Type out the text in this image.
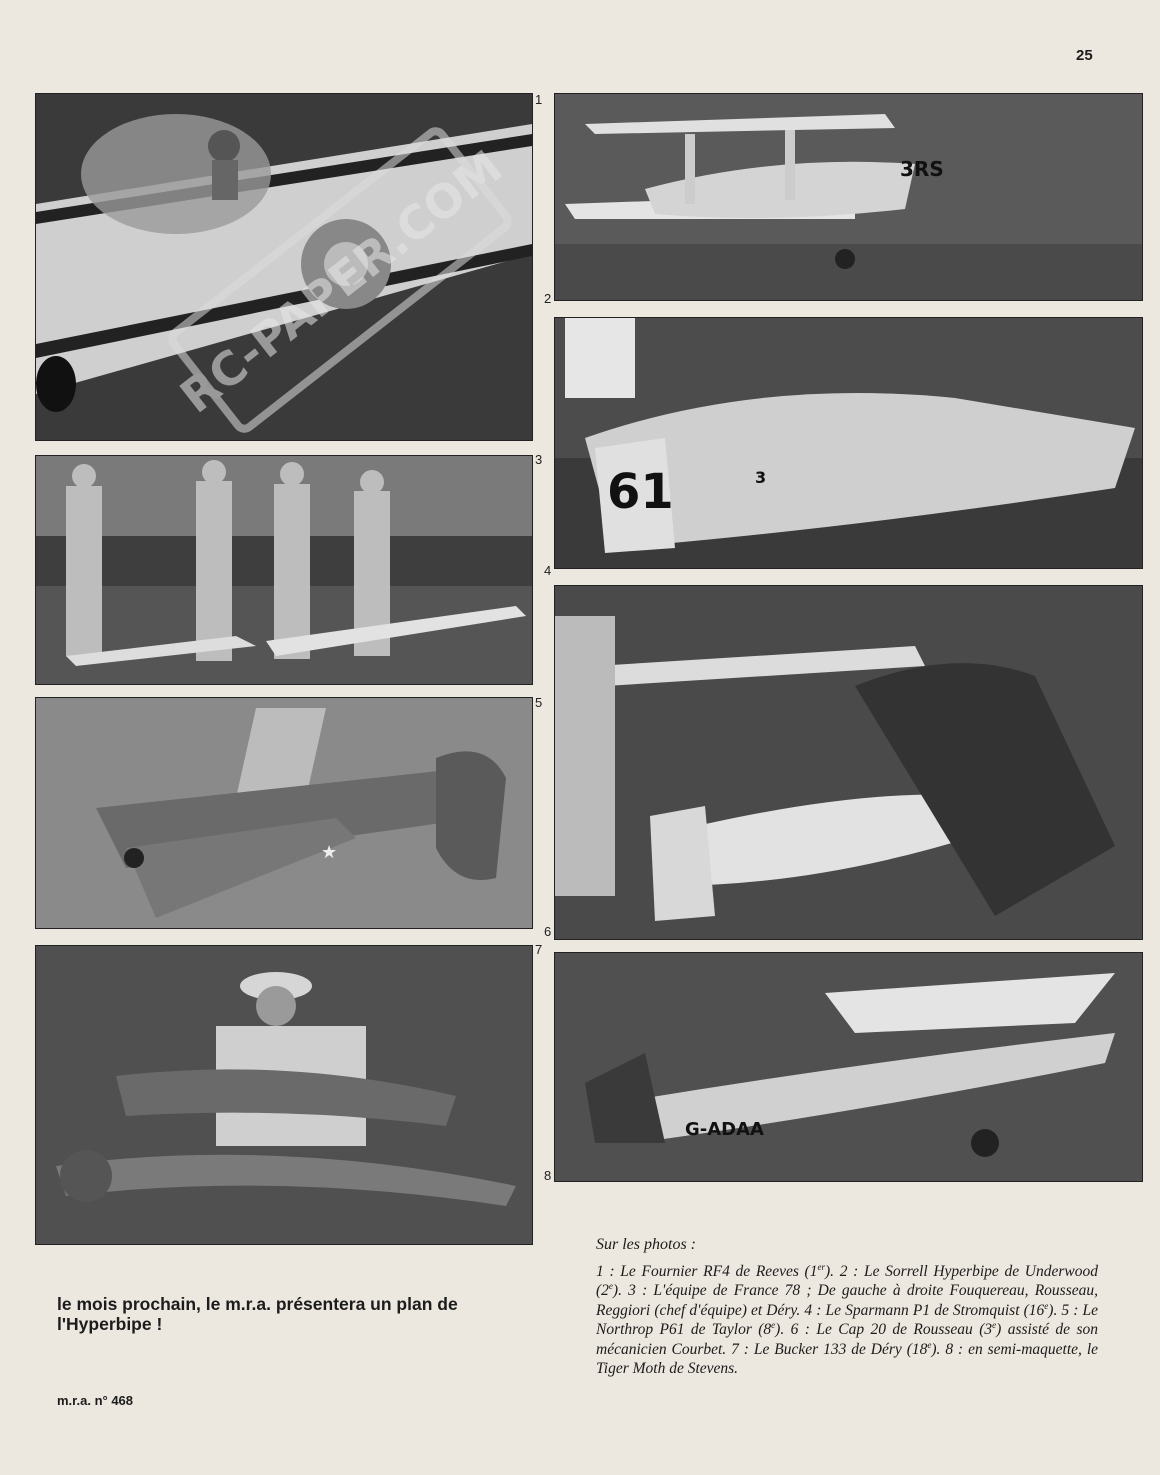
25
1
3RS
2
3
61	3
4
★
5
6
7
G-ADAA
8
RC-PAPER.COM
Sur les photos :

1 : Le Fournier RF4 de Reeves (1er). 2 : Le Sorrell Hyperbipe de Underwood (2e). 3 : L'équipe de France 78 ; De gauche à droite Fouquereau, Rousseau, Reggiori (chef d'équipe) et Déry. 4 : Le Sparmann P1 de Stromquist (16e). 5 : Le Northrop P61 de Taylor (8e). 6 : Le Cap 20 de Rousseau (3e) assisté de son mécanicien Courbet. 7 : Le Bucker 133 de Déry (18e). 8 : en semi-maquette, le Tiger Moth de Stevens.

le mois prochain, le m.r.a. présentera un plan de l'Hyperbipe !

m.r.a. n° 468
